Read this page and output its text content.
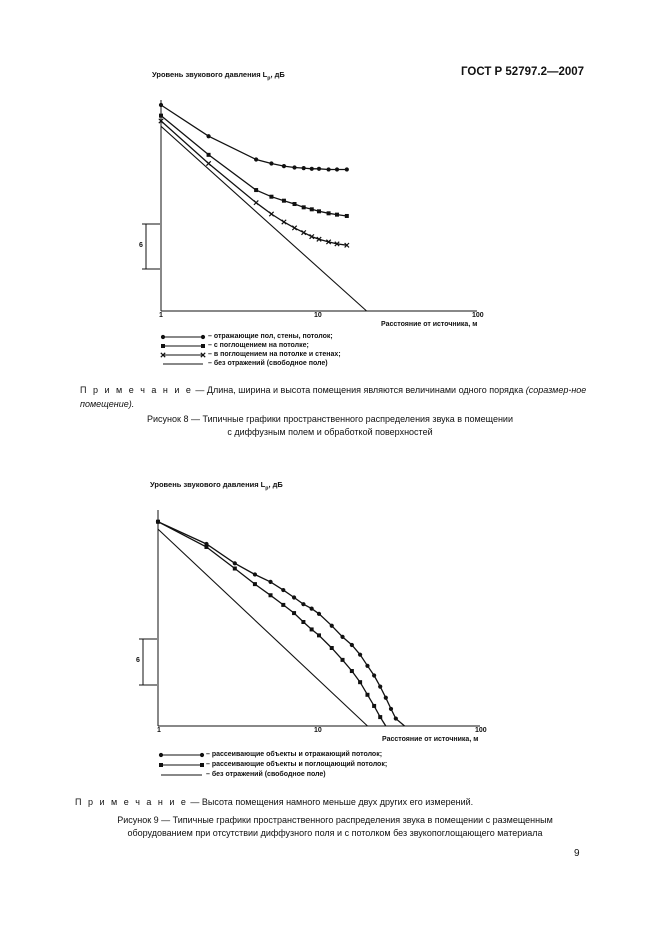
ГОСТ Р 52797.2—2007
Уровень звукового давления $L_p$, дБ
1	10	100
Расстояние от источника, м
6
– отражающие пол, стены, потолок;
– с поглощением на потолке;
– в поглощением на потолке и стенах;
– без отражений (свободное поле)
П р и м е ч а н и е — Длина, ширина и высота помещения являются величинами одного порядка (соразмер-ное помещение).
Рисунок 8 — Типичные графики пространственного распределения звука в помещении
с диффузным полем и обработкой поверхностей
Уровень звукового давления $L_p$, дБ
1	10	100
Расстояние от источника, м
6
– рассеивающие объекты и отражающий потолок;
– рассеивающие объекты и поглощающий потолок;
– без отражений (свободное поле)
П р и м е ч а н и е — Высота помещения намного меньше двух других его измерений.
Рисунок 9 — Типичные графики пространственного распределения звука в помещении с размещенным
оборудованием при отсутствии диффузного поля и с потолком без звукопоглощающего материала
9
